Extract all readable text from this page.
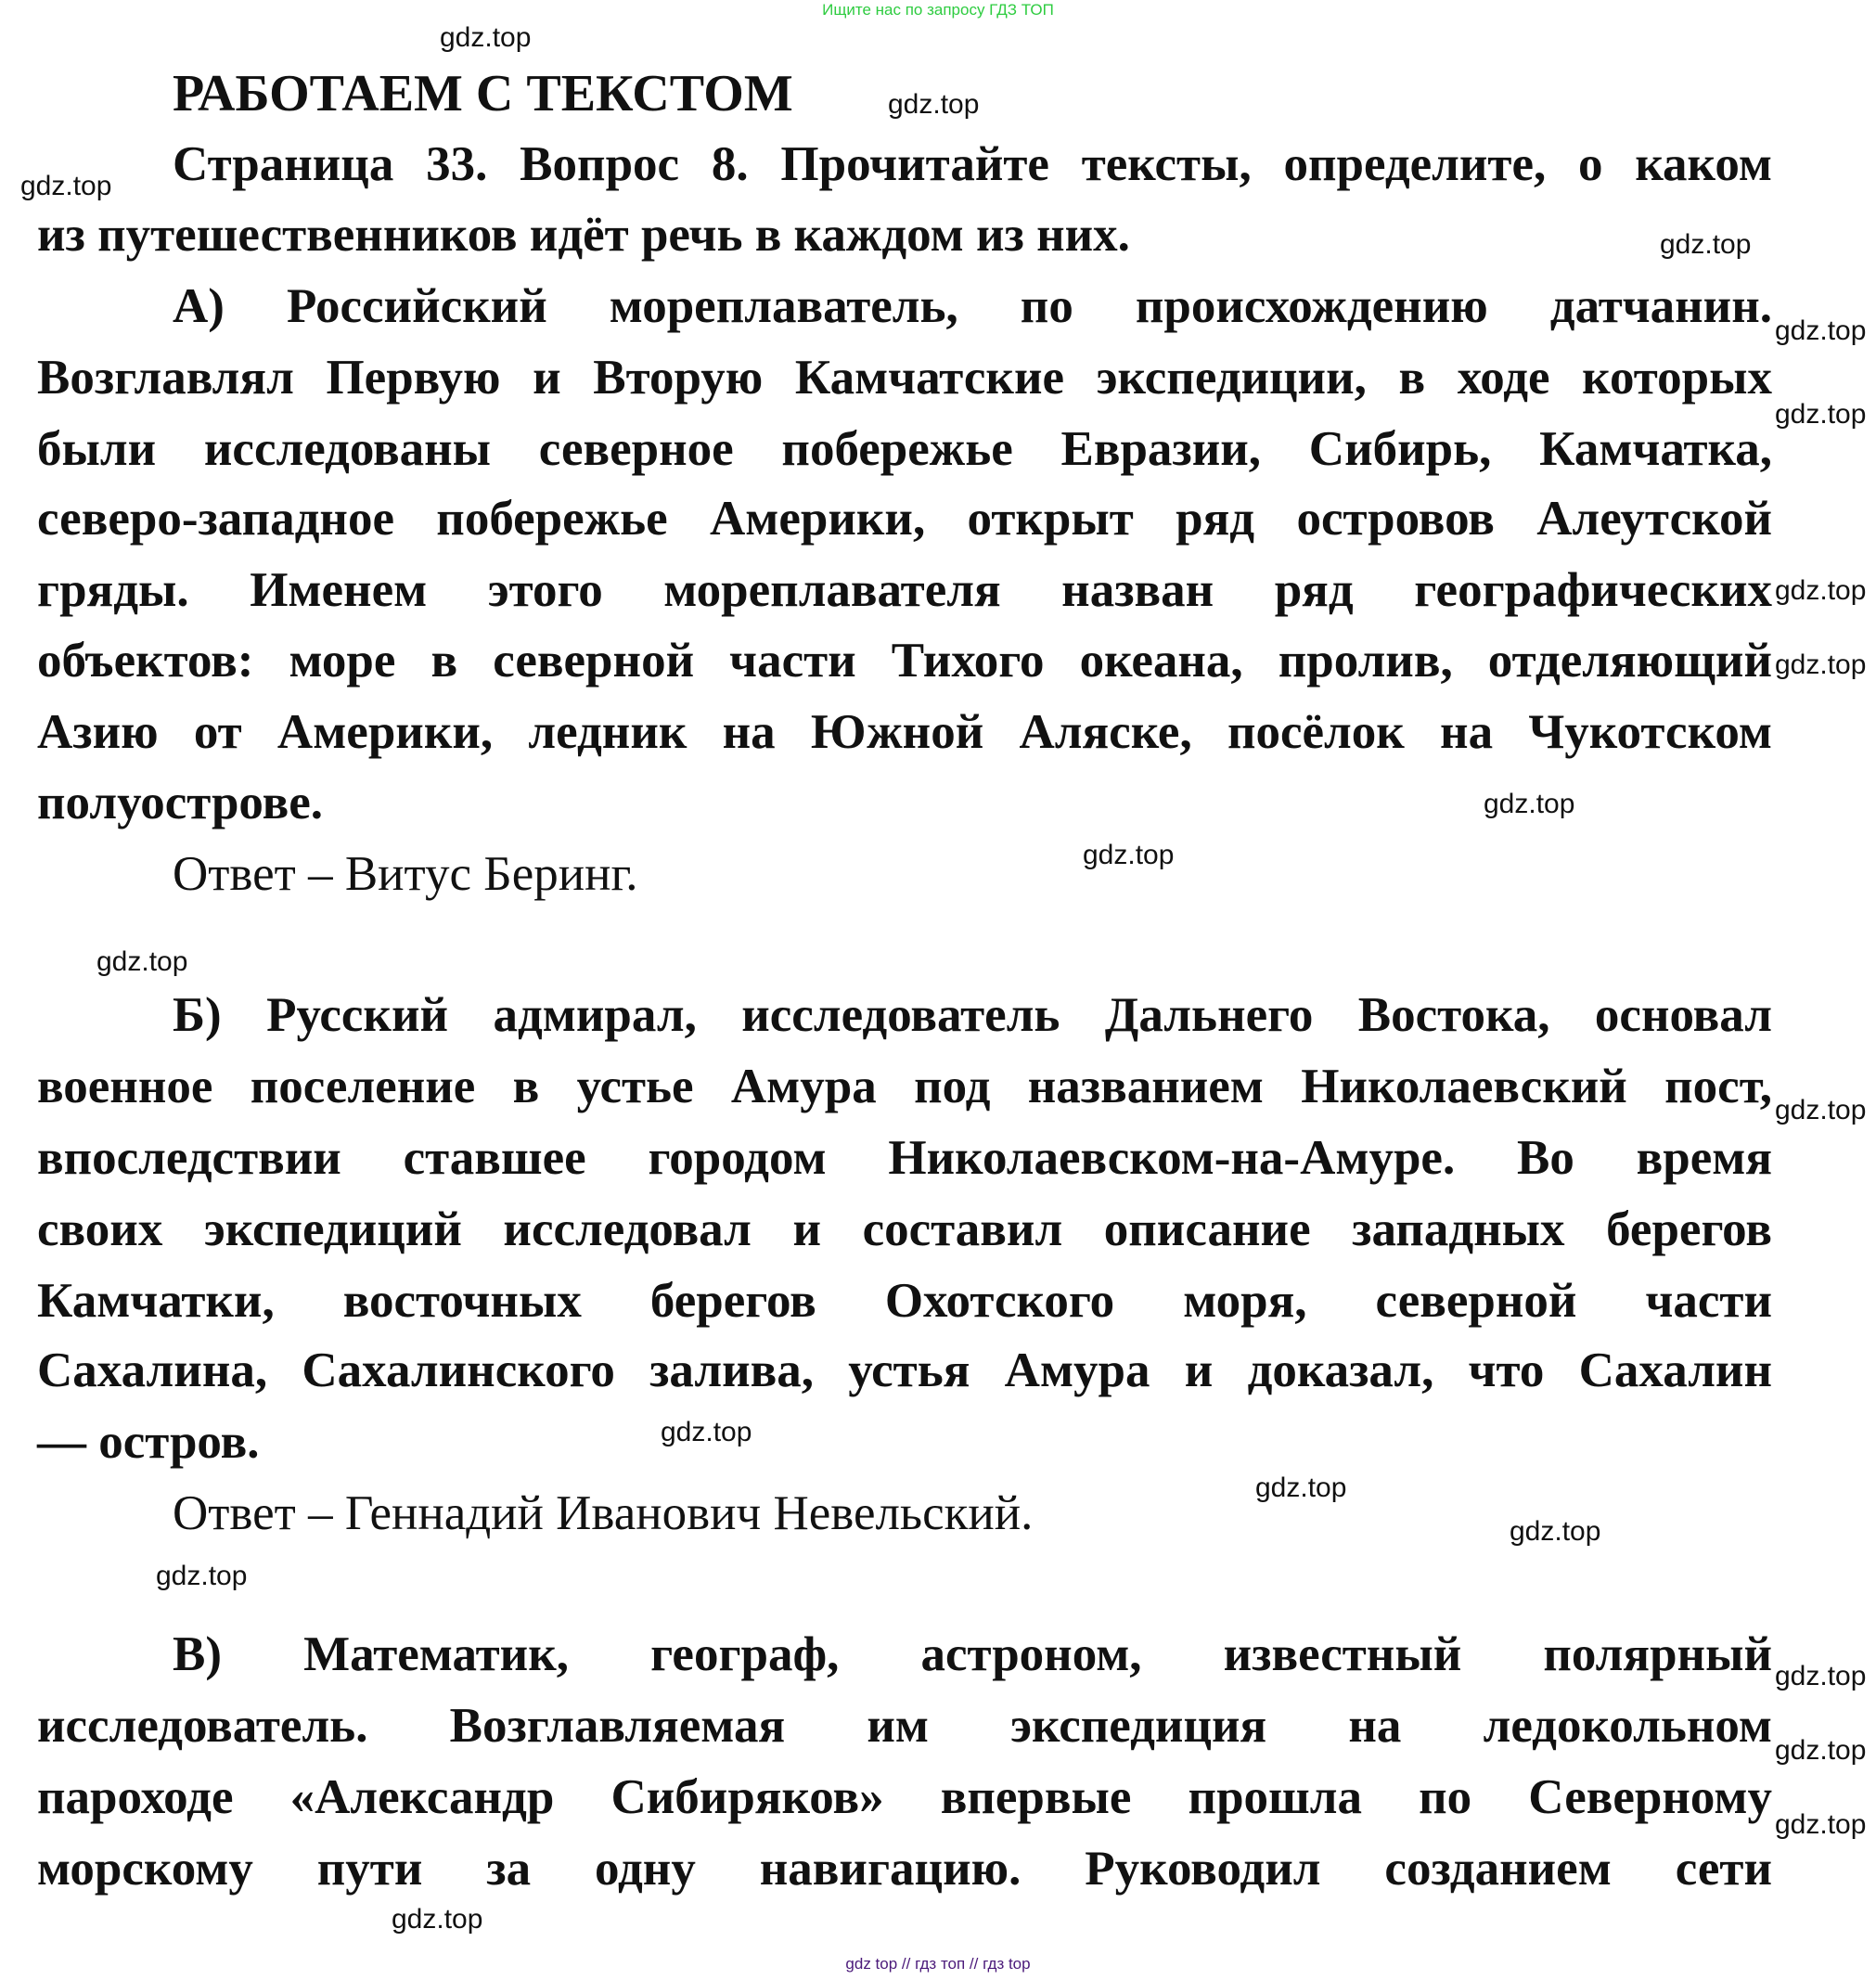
Ищите нас по запросу ГДЗ ТОП
РАБОТАЕМ С ТЕКСТОМ
Страница 33. Вопрос 8. Прочитайте тексты, определите, о каком
из путешественников идёт речь в каждом из них.
А) Российский мореплаватель, по происхождению датчанин.
Возглавлял Первую и Вторую Камчатские экспедиции, в ходе которых
были исследованы северное побережье Евразии, Сибирь, Камчатка,
северо-западное побережье Америки, открыт ряд островов Алеутской
гряды. Именем этого мореплавателя назван ряд географических
объектов: море в северной части Тихого океана, пролив, отделяющий
Азию от Америки, ледник на Южной Аляске, посёлок на Чукотском
полуострове.
Ответ – Витус Беринг.
Б) Русский адмирал, исследователь Дальнего Востока, основал
военное поселение в устье Амура под названием Николаевский пост,
впоследствии ставшее городом Николаевском-на-Амуре. Во время
своих экспедиций исследовал и составил описание западных берегов
Камчатки, восточных берегов Охотского моря, северной части
Сахалина, Сахалинского залива, устья Амура и доказал, что Сахалин
— остров.
Ответ – Геннадий Иванович Невельский.
В) Математик, географ, астроном, известный полярный
исследователь. Возглавляемая им экспедиция на ледокольном
пароходе «Александр Сибиряков» впервые прошла по Северному
морскому пути за одну навигацию. Руководил созданием сети
gdz.top
gdz.top
gdz.top
gdz.top
gdz.top
gdz.top
gdz.top
gdz.top
gdz.top
gdz.top
gdz.top
gdz.top
gdz.top
gdz.top
gdz.top
gdz.top
gdz.top
gdz.top
gdz.top
gdz.top
gdz top // гдз топ // гдз top
